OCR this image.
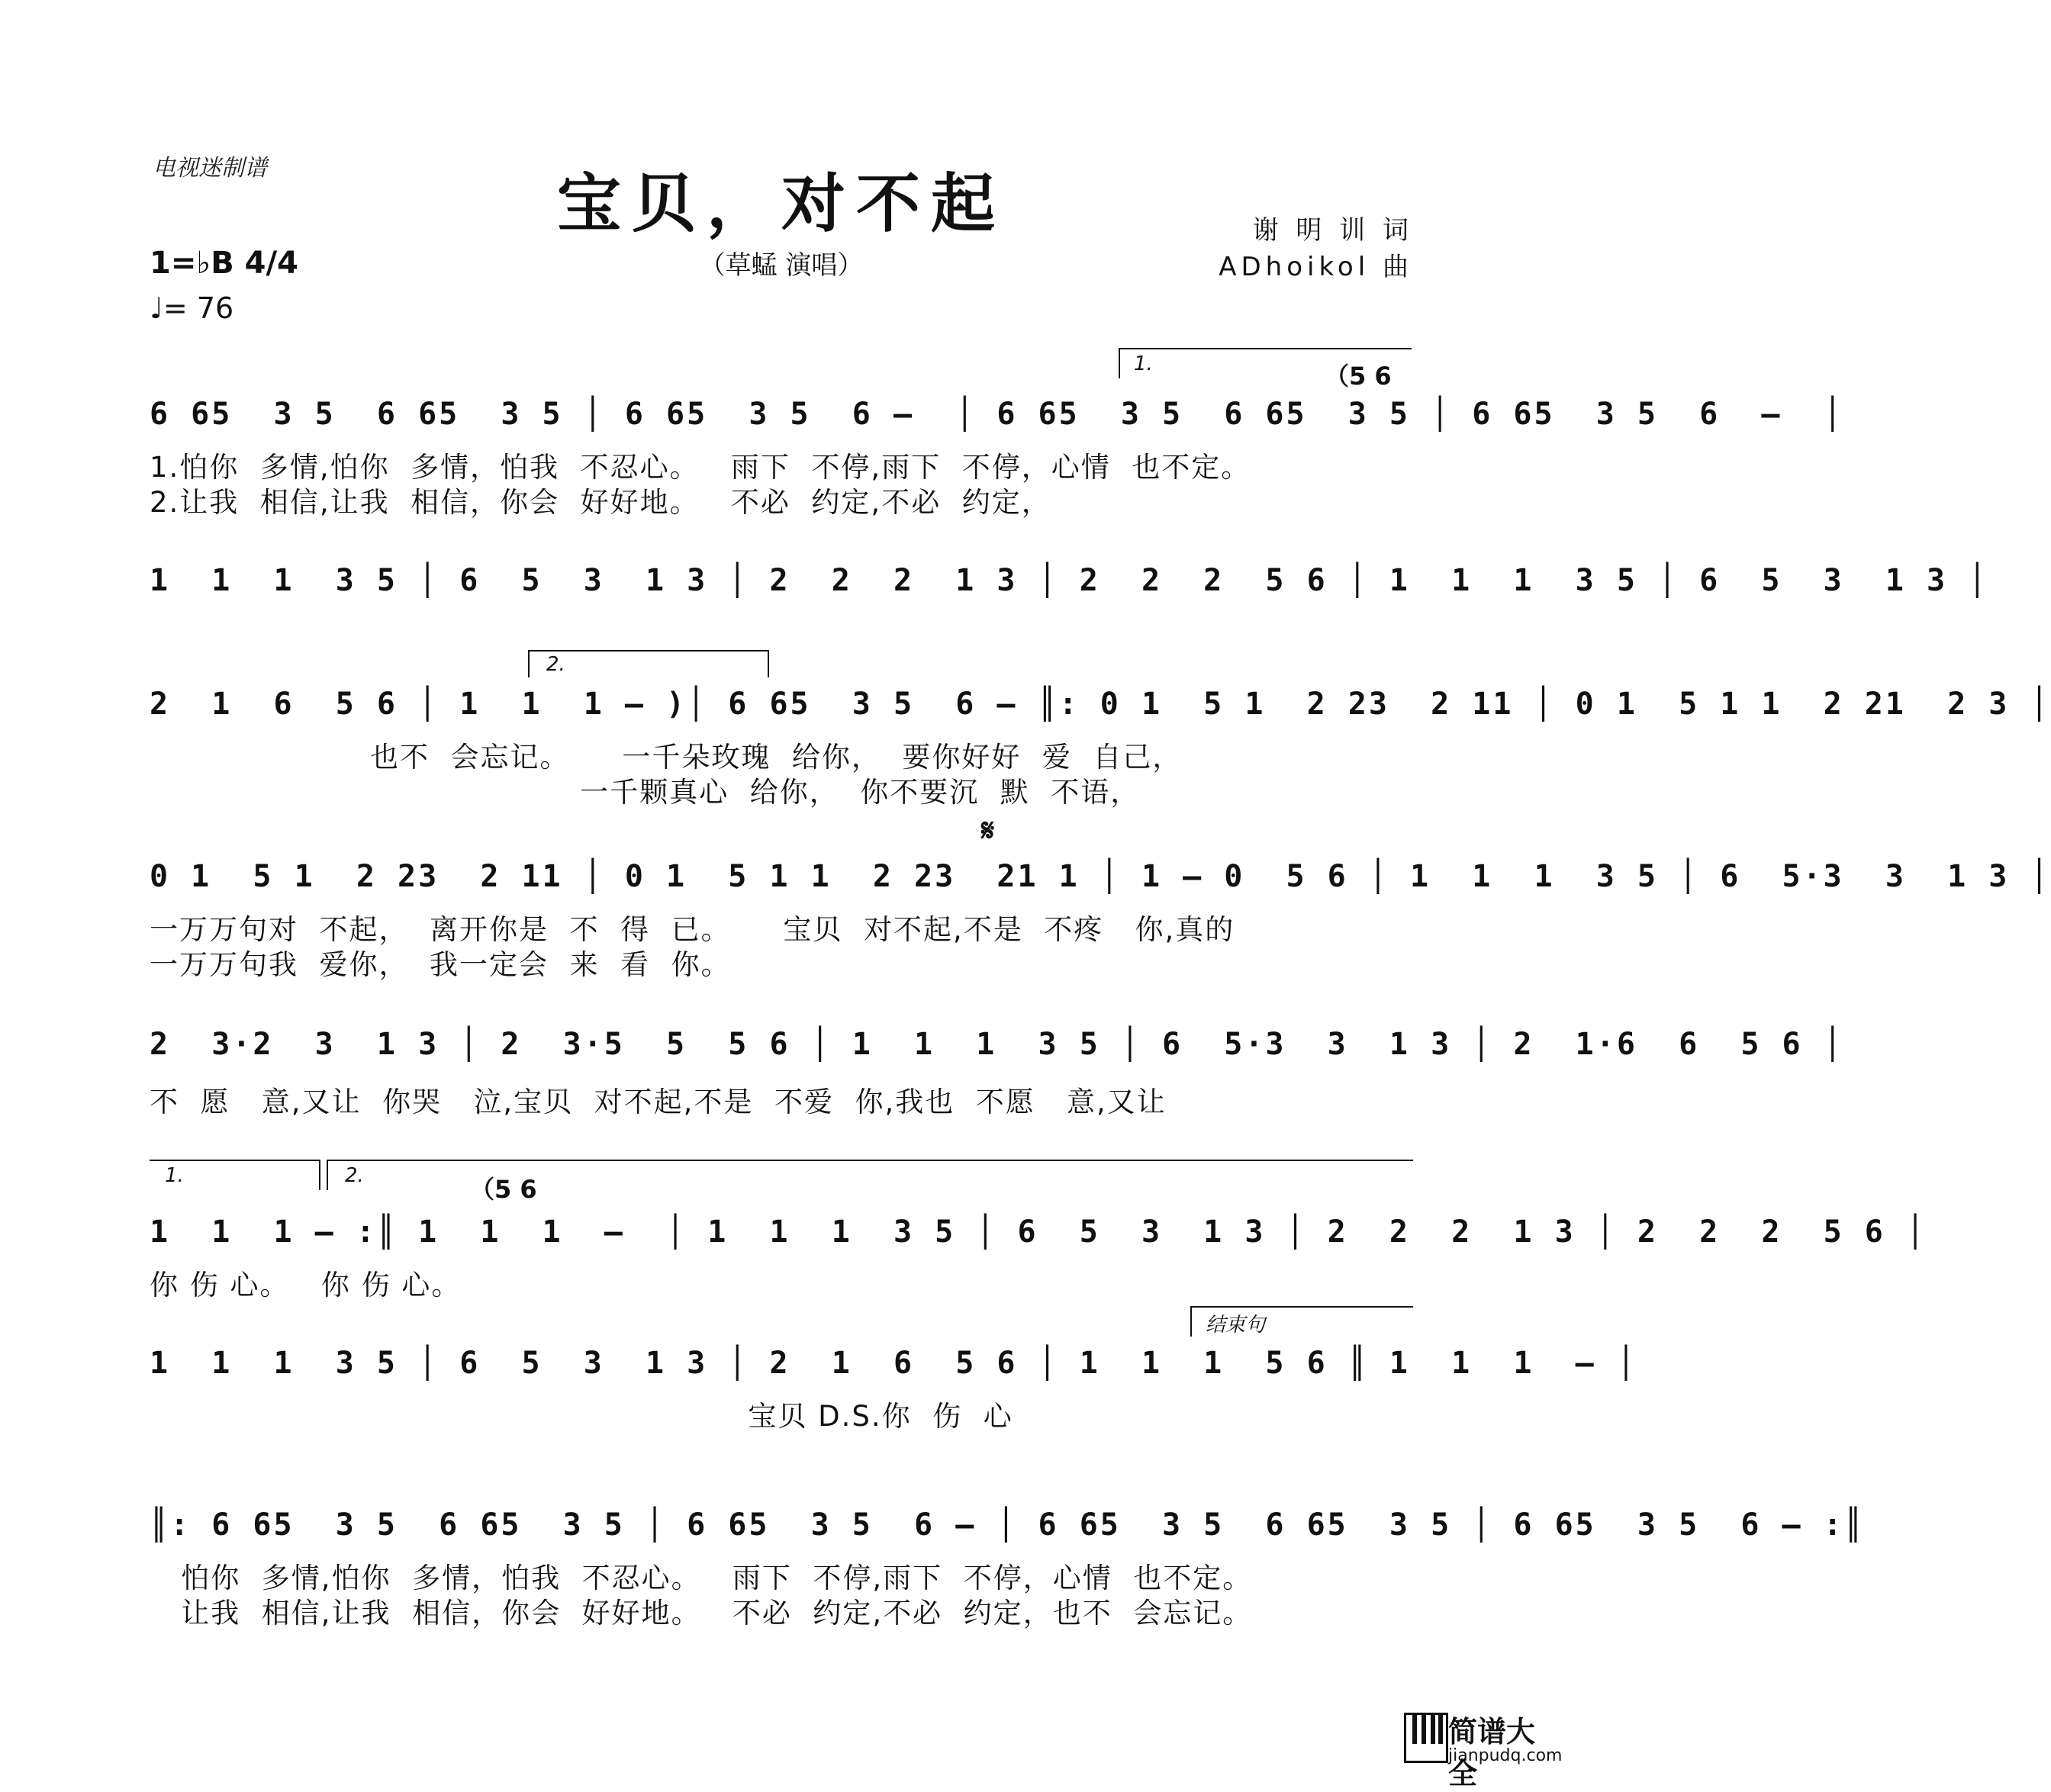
电视迷制谱	宝贝，对不起
（草蜢 演唱）
谢 明 训 词
ADhoikol 曲
1=♭B 4/4
♩= 76
1.	（5 6
6 65  3 5  6 65  3 5 │ 6 65  3 5  6 –  │ 6 65  3 5  6 65  3 5 │ 6 65  3 5  6  –  │
1.怕你  多情,怕你  多情，怕我  不忍心。   雨下  不停,雨下  不停，心情  也不定。
2.让我  相信,让我  相信，你会  好好地。   不必  约定,不必  约定，
1  1  1  3 5 │ 6  5  3  1 3 │ 2  2  2  1 3 │ 2  2  2  5 6 │ 1  1  1  3 5 │ 6  5  3  1 3 │
2.
2  1  6  5 6 │ 1  1  1 – )│ 6 65  3 5  6 – ║: 0 1  5 1  2 23  2 11 │ 0 1  5 1 1  2 21  2 3 │
也不  会忘记。     一千朵玫瑰  给你，  要你好好  爱  自己，
一千颗真心  给你，  你不要沉  默  不语，
𝄋
0 1  5 1  2 23  2 11 │ 0 1  5 1 1  2 23  21 1 │ 1 – 0  5 6 │ 1  1  1  3 5 │ 6  5·3  3  1 3 │
一万万句对  不起，  离开你是  不  得  已。     宝贝  对不起,不是  不疼   你,真的
一万万句我  爱你，  我一定会  来  看  你。
2  3·2  3  1 3 │ 2  3·5  5  5 6 │ 1  1  1  3 5 │ 6  5·3  3  1 3 │ 2  1·6  6  5 6 │
不  愿   意,又让  你哭   泣,宝贝  对不起,不是  不爱  你,我也  不愿   意,又让
1.	2.	（5 6
1  1  1 – :║ 1  1  1  –  │ 1  1  1  3 5 │ 6  5  3  1 3 │ 2  2  2  1 3 │ 2  2  2  5 6 │
你 伤 心。   你 伤 心。
结束句
1  1  1  3 5 │ 6  5  3  1 3 │ 2  1  6  5 6 │ 1  1  1  5 6 ║ 1  1  1  – │
宝贝 D.S.你  伤  心
║: 6 65  3 5  6 65  3 5 │ 6 65  3 5  6 – │ 6 65  3 5  6 65  3 5 │ 6 65  3 5  6 – :║
怕你  多情,怕你  多情，怕我  不忍心。   雨下  不停,雨下  不停，心情  也不定。
让我  相信,让我  相信，你会  好好地。   不必  约定,不必  约定，也不  会忘记。
简谱大全
jianpudq.com
